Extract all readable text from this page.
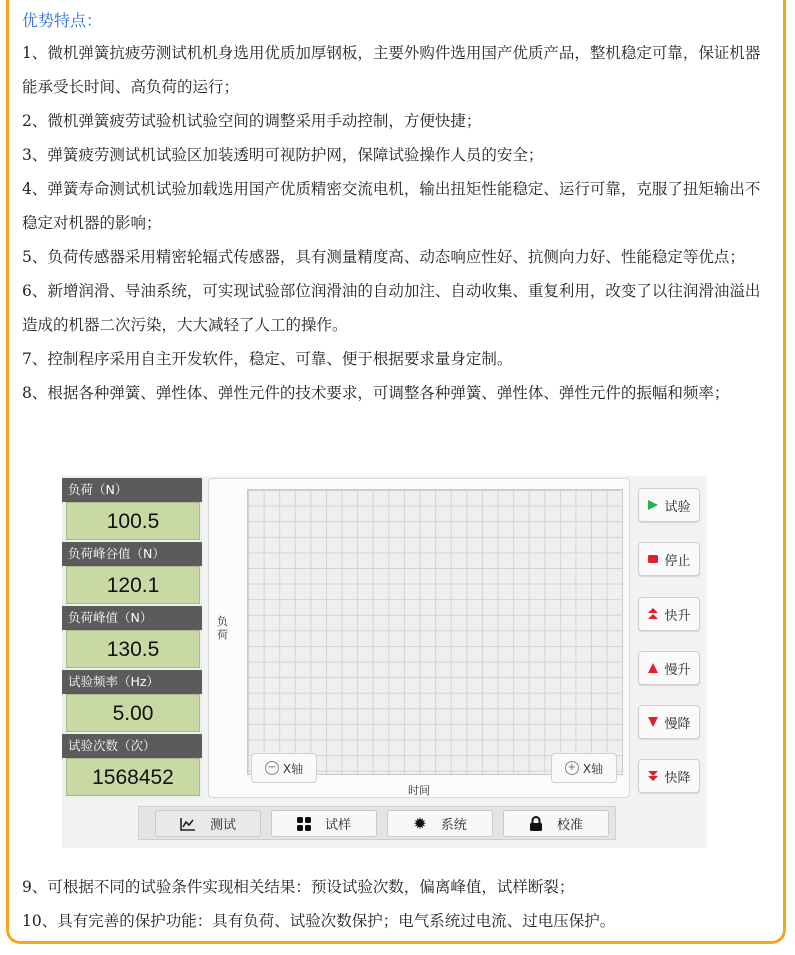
优势特点：

1、微机弹簧抗疲劳测试机机身选用优质加厚钢板，主要外购件选用国产优质产品，整机稳定可靠，保证机器能承受长时间、高负荷的运行；

2、微机弹簧疲劳试验机试验空间的调整采用手动控制，方便快捷；

3、弹簧疲劳测试机试验区加装透明可视防护网，保障试验操作人员的安全；

4、弹簧寿命测试机试验加载选用国产优质精密交流电机，输出扭矩性能稳定、运行可靠，克服了扭矩输出不稳定对机器的影响；

5、负荷传感器采用精密轮辐式传感器，具有测量精度高、动态响应性好、抗侧向力好、性能稳定等优点；

6、新增润滑、导油系统，可实现试验部位润滑油的自动加注、自动收集、重复利用，改变了以往润滑油溢出造成的机器二次污染，大大减轻了人工的操作。

7、控制程序采用自主开发软件，稳定、可靠、便于根据要求量身定制。

8、根据各种弹簧、弹性体、弹性元件的技术要求，可调整各种弹簧、弹性体、弹性元件的振幅和频率；

负荷（N）
100.5
负荷峰谷值（N）
120.1
负荷峰值（N）
130.5
试验频率（Hz）
5.00
试验次数（次）
1568452
负荷
− X轴	+ X轴
时间
试验
停止
快升
慢升
慢降
快降
测试	试样	✹ 系统	校准

9、可根据不同的试验条件实现相关结果：预设试验次数，偏离峰值，试样断裂；

10、具有完善的保护功能：具有负荷、试验次数保护；电气系统过电流、过电压保护。
